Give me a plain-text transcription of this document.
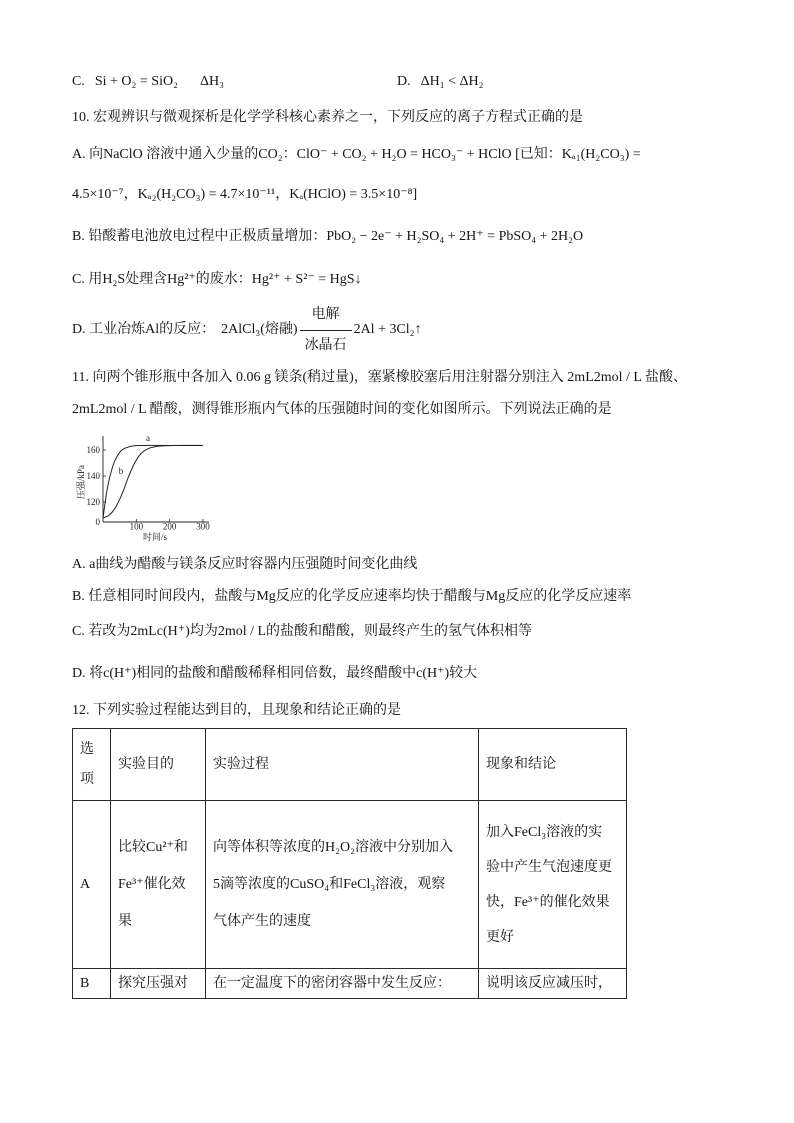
C. Si + O₂ = SiO₂ ΔH₃	D. ΔH₁ < ΔH₂
10. 宏观辨识与微观探析是化学学科核心素养之一，下列反应的离子方程式正确的是
A. 向NaClO 溶液中通入少量的CO₂：ClO⁻ + CO₂ + H₂O = HCO₃⁻ + HClO [已知：Kₐ₁(H₂CO₃) =
4.5×10⁻⁷，Kₐ₂(H₂CO₃) = 4.7×10⁻¹¹，Kₐ(HClO) = 3.5×10⁻⁸]
B. 铅酸蓄电池放电过程中正极质量增加：PbO₂ − 2e⁻ + H₂SO₄ + 2H⁺ = PbSO₄ + 2H₂O
C. 用H₂S处理含Hg²⁺的废水：Hg²⁺ + S²⁻ = HgS↓
D. 工业冶炼Al的反应： 2AlCl₃(熔融)
电解
冰晶石
2Al + 3Cl₂↑
11. 向两个锥形瓶中各加入 0.06 g 镁条(稍过量)，塞紧橡胶塞后用注射器分别注入 2mL2mol / L 盐酸、
2mL2mol / L 醋酸，测得锥形瓶内气体的压强随时间的变化如图所示。下列说法正确的是
0
120
140
160
100 200 300
时间/s
压强/kPa
a
b
A. a曲线为醋酸与镁条反应时容器内压强随时间变化曲线
B. 任意相同时间段内，盐酸与Mg反应的化学反应速率均快于醋酸与Mg反应的化学反应速率
C. 若改为2mLc(H⁺)均为2mol / L的盐酸和醋酸，则最终产生的氢气体积相等
D. 将c(H⁺)相同的盐酸和醋酸稀释相同倍数，最终醋酸中c(H⁺)较大
12. 下列实验过程能达到目的，且现象和结论正确的是
选
项	实验目的	实验过程	现象和结论

A	比较Cu²⁺和
Fe³⁺催化效
果	向等体积等浓度的H₂O₂溶液中分别加入
5滴等浓度的CuSO₄和FeCl₃溶液，观察
气体产生的速度	加入FeCl₃溶液的实
验中产生气泡速度更
快，Fe³⁺的催化效果
更好

B	探究压强对	在一定温度下的密闭容器中发生反应：	说明该反应减压时，
